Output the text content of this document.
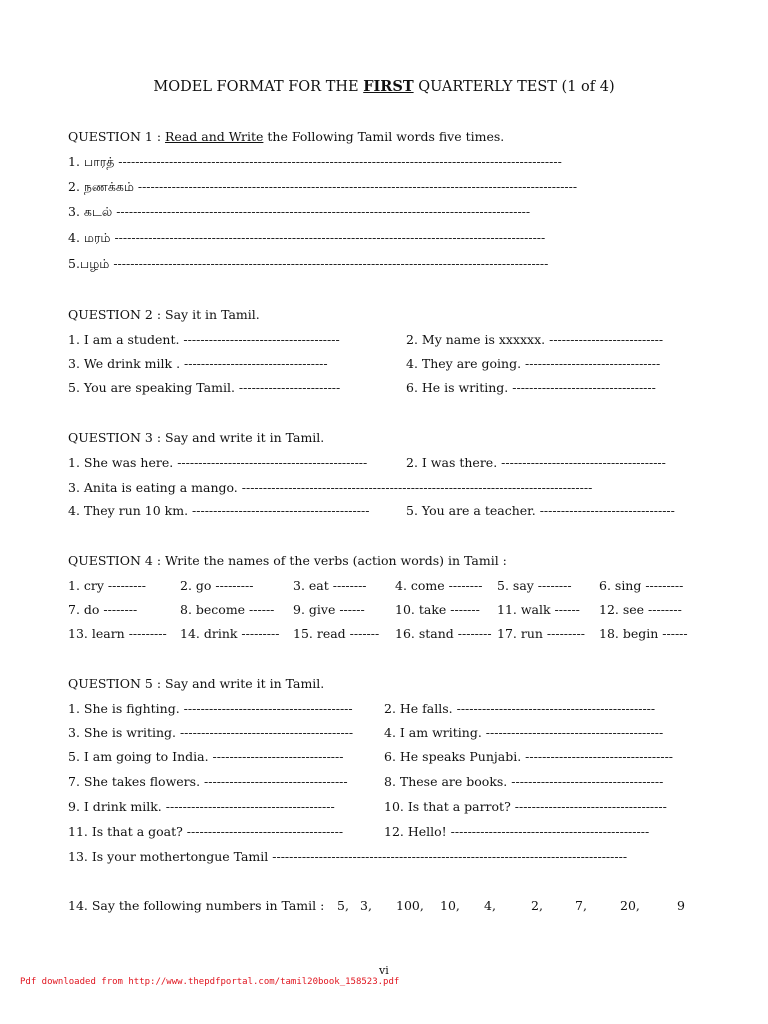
MODEL FORMAT FOR THE FIRST QUARTERLY TEST (1 of 4)
QUESTION 1 : Read and Write the Following Tamil words five times.
1. பாரத் ---------------------------------------------------------------------------------------------------------
2. நணக்கம் --------------------------------------------------------------------------------------------------------
3. கடல் --------------------------------------------------------------------------------------------------
4. மரம் ------------------------------------------------------------------------------------------------------
5.பழம் -------------------------------------------------------------------------------------------------------
QUESTION 2 : Say it in Tamil.
1. I am a student. -------------------------------------	2. My name is xxxxxx. ---------------------------
3. We drink milk . ----------------------------------	4. They are going. --------------------------------
5. You are speaking Tamil. ------------------------	6. He is writing. ----------------------------------
QUESTION 3 : Say and write it in Tamil.
1. She was here. ---------------------------------------------	2. I was there. ---------------------------------------
3. Anita is eating a mango. -----------------------------------------------------------------------------------
4. They run 10 km. ------------------------------------------	5. You are a teacher. --------------------------------
QUESTION 4 : Write the names of the verbs (action words) in Tamil :
1. cry ---------	2. go ---------	3. eat -------- 4. come -------- 5. say -------- 6. sing ---------
7. do --------	8. become ------ 9. give ------ 10. take ------- 11. walk ------ 12. see --------
13. learn --------- 14. drink --------- 15. read ------- 16. stand -------- 17. run --------- 18. begin ------
QUESTION 5 : Say and write it in Tamil.
1. She is fighting. ----------------------------------------	2. He falls. -----------------------------------------------
3. She is writing. ----------------------------------------- 4. I am writing. ------------------------------------------
5. I am going to India. -------------------------------	6. He speaks Punjabi. -----------------------------------
7. She takes flowers. ----------------------------------	8. These are books. ------------------------------------
9. I drink milk. ----------------------------------------	10. Is that a parrot? ------------------------------------
11. Is that a goat? -------------------------------------	12. Hello! -----------------------------------------------
13. Is your mothertongue Tamil ------------------------------------------------------------------------------------
14. Say the following numbers in Tamil : 5, 3, 100, 10, 4,	2,	7,	20,	9
vi
Pdf downloaded from http://www.thepdfportal.com/tamil20book_158523.pdf
